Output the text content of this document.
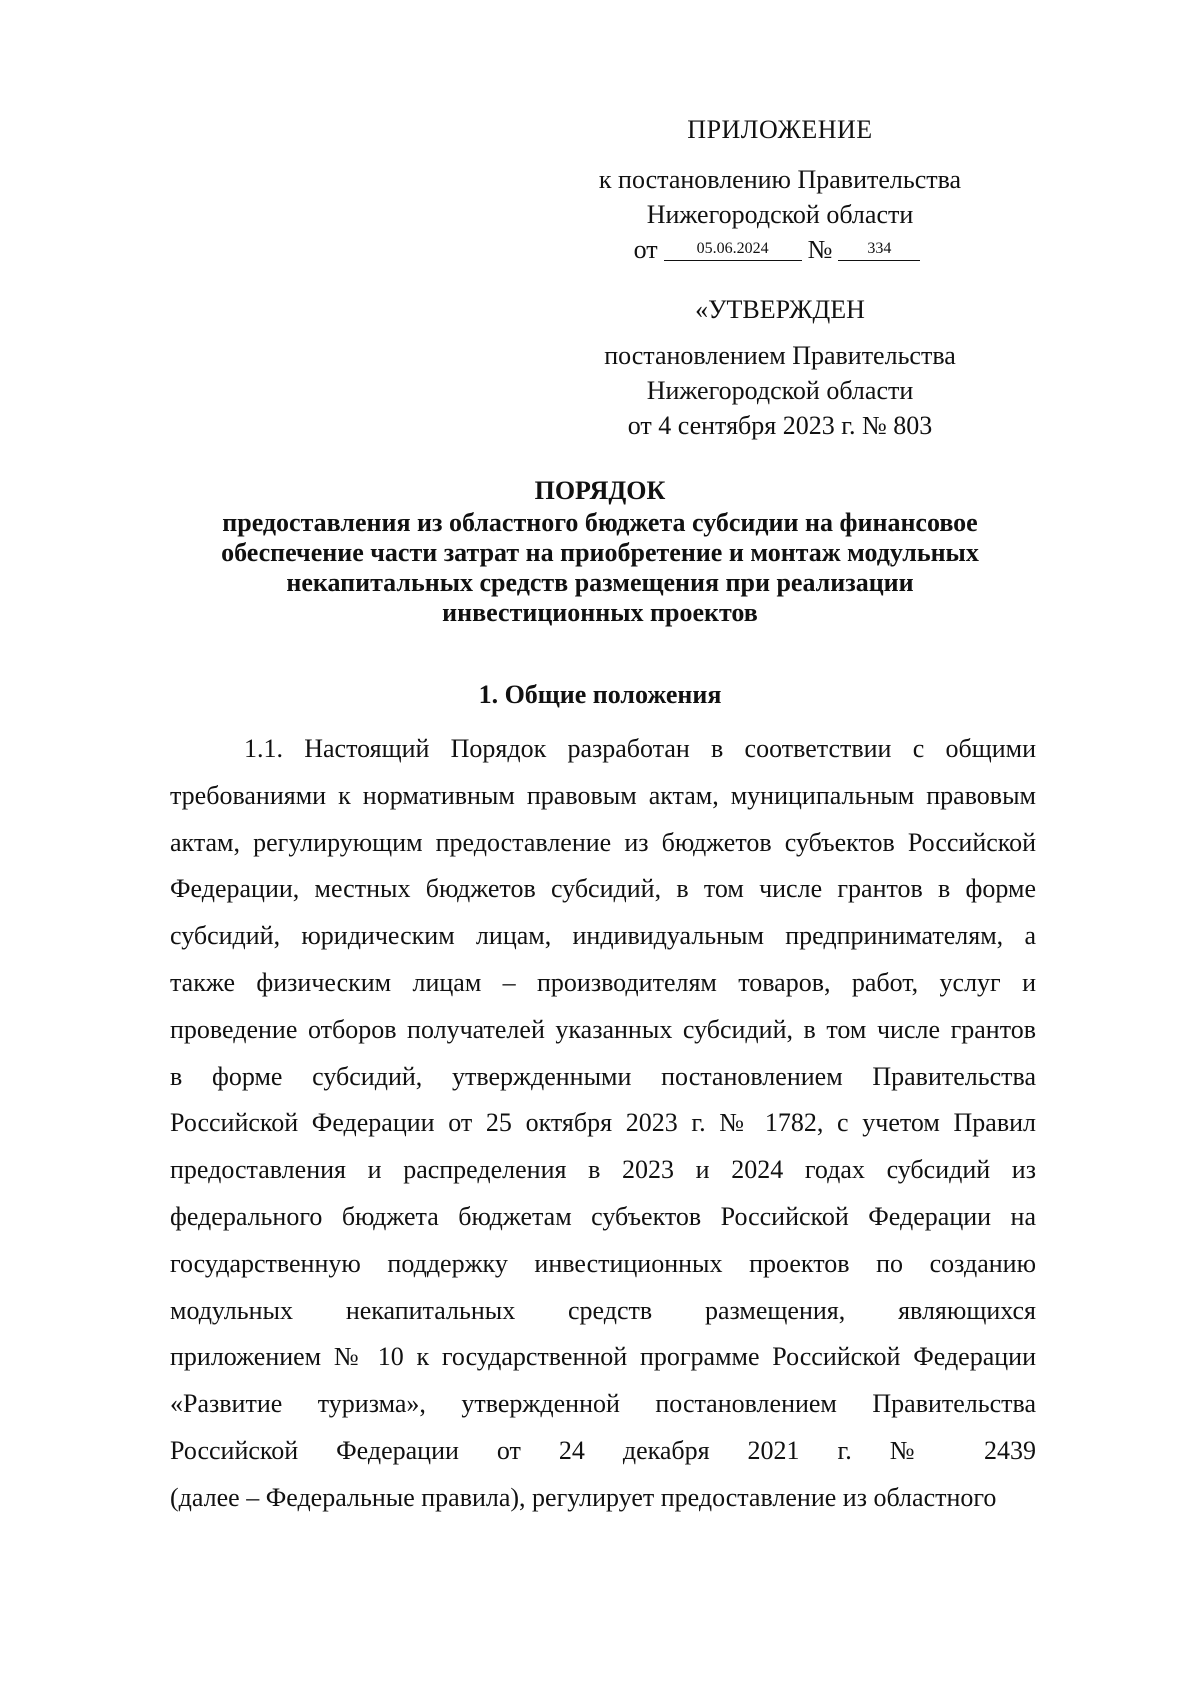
ПРИЛОЖЕНИЕ
к постановлению Правительства
Нижегородской области
от	05.06.2024	№	334
«УТВЕРЖДЕН
постановлением Правительства
Нижегородской области
от 4 сентября 2023 г. № 803
ПОРЯДОК
предоставления из областного бюджета субсидии на финансовое
обеспечение части затрат на приобретение и монтаж модульных
некапитальных средств размещения при реализации
инвестиционных проектов
1. Общие положения
1.1. Настоящий Порядок разработан в соответствии с общими
требованиями к нормативным правовым актам, муниципальным правовым
актам, регулирующим предоставление из бюджетов субъектов Российской
Федерации, местных бюджетов субсидий, в том числе грантов в форме
субсидий, юридическим лицам, индивидуальным предпринимателям, а
также физическим лицам – производителям товаров, работ, услуг и
проведение отборов получателей указанных субсидий, в том числе грантов
в форме субсидий, утвержденными постановлением Правительства
Российской Федерации от 25 октября 2023 г. № 1782, с учетом Правил
предоставления и распределения в 2023 и 2024 годах субсидий из
федерального бюджета бюджетам субъектов Российской Федерации на
государственную поддержку инвестиционных проектов по созданию
модульных некапитальных средств размещения, являющихся
приложением № 10 к государственной программе Российской Федерации
«Развитие туризма», утвержденной постановлением Правительства
Российской Федерации от 24 декабря 2021 г. № 2439
(далее – Федеральные правила), регулирует предоставление из областного
